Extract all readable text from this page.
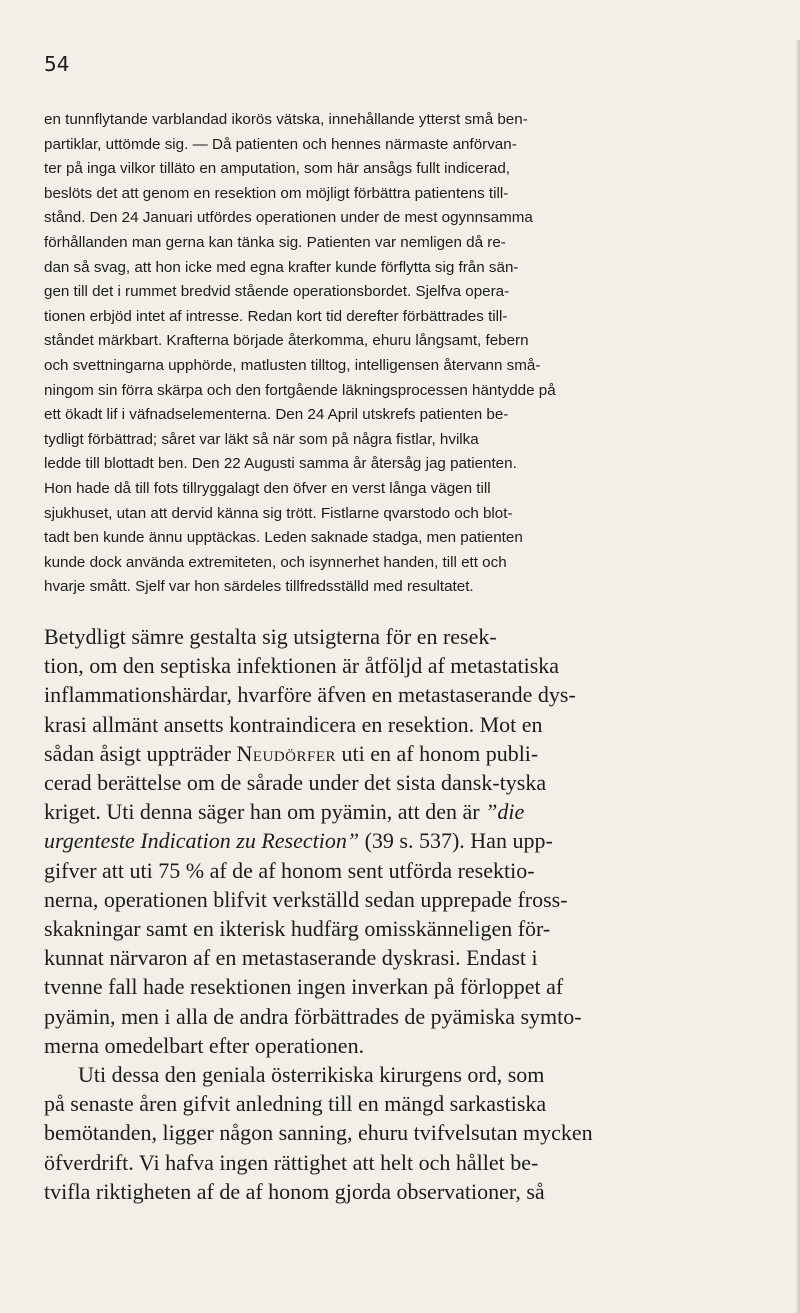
54
en tunnflytande varblandad ikorös vätska, innehållande ytterst små ben-
partiklar, uttömde sig. — Då patienten och hennes närmaste anförvan-
ter på inga vilkor tilläto en amputation, som här ansågs fullt indicerad,
beslöts det att genom en resektion om möjligt förbättra patientens till-
stånd. Den 24 Januari utfördes operationen under de mest ogynnsamma
förhållanden man gerna kan tänka sig. Patienten var nemligen då re-
dan så svag, att hon icke med egna krafter kunde förflytta sig från sän-
gen till det i rummet bredvid stående operationsbordet. Sjelfva opera-
tionen erbjöd intet af intresse. Redan kort tid derefter förbättrades till-
ståndet märkbart. Krafterna började återkomma, ehuru långsamt, febern
och svettningarna upphörde, matlusten tilltog, intelligensen återvann små-
ningom sin förra skärpa och den fortgående läkningsprocessen häntydde på
ett ökadt lif i väfnadselementerna. Den 24 April utskrefs patienten be-
tydligt förbättrad; såret var läkt så när som på några fistlar, hvilka
ledde till blottadt ben. Den 22 Augusti samma år återsåg jag patienten.
Hon hade då till fots tillryggalagt den öfver en verst långa vägen till
sjukhuset, utan att dervid känna sig trött. Fistlarne qvarstodo och blot-
tadt ben kunde ännu upptäckas. Leden saknade stadga, men patienten
kunde dock använda extremiteten, och isynnerhet handen, till ett och
hvarje smått. Sjelf var hon särdeles tillfredsställd med resultatet.
Betydligt sämre gestalta sig utsigterna för en resek-
tion, om den septiska infektionen är åtföljd af metastatiska
inflammationshärdar, hvarföre äfven en metastaserande dys-
krasi allmänt ansetts kontraindicera en resektion. Mot en
sådan åsigt uppträder Neudörfer uti en af honom publi-
cerad berättelse om de sårade under det sista dansk-tyska
kriget. Uti denna säger han om pyämin, att den är ”die
urgenteste Indication zu Resection” (39 s. 537). Han upp-
gifver att uti 75 % af de af honom sent utförda resektio-
nerna, operationen blifvit verkställd sedan upprepade fross-
skakningar samt en ikterisk hudfärg omisskänneligen för-
kunnat närvaron af en metastaserande dyskrasi. Endast i
tvenne fall hade resektionen ingen inverkan på förloppet af
pyämin, men i alla de andra förbättrades de pyämiska symto-
merna omedelbart efter operationen.
Uti dessa den geniala österrikiska kirurgens ord, som
på senaste åren gifvit anledning till en mängd sarkastiska
bemötanden, ligger någon sanning, ehuru tvifvelsutan mycken
öfverdrift. Vi hafva ingen rättighet att helt och hållet be-
tvifla riktigheten af de af honom gjorda observationer, så
